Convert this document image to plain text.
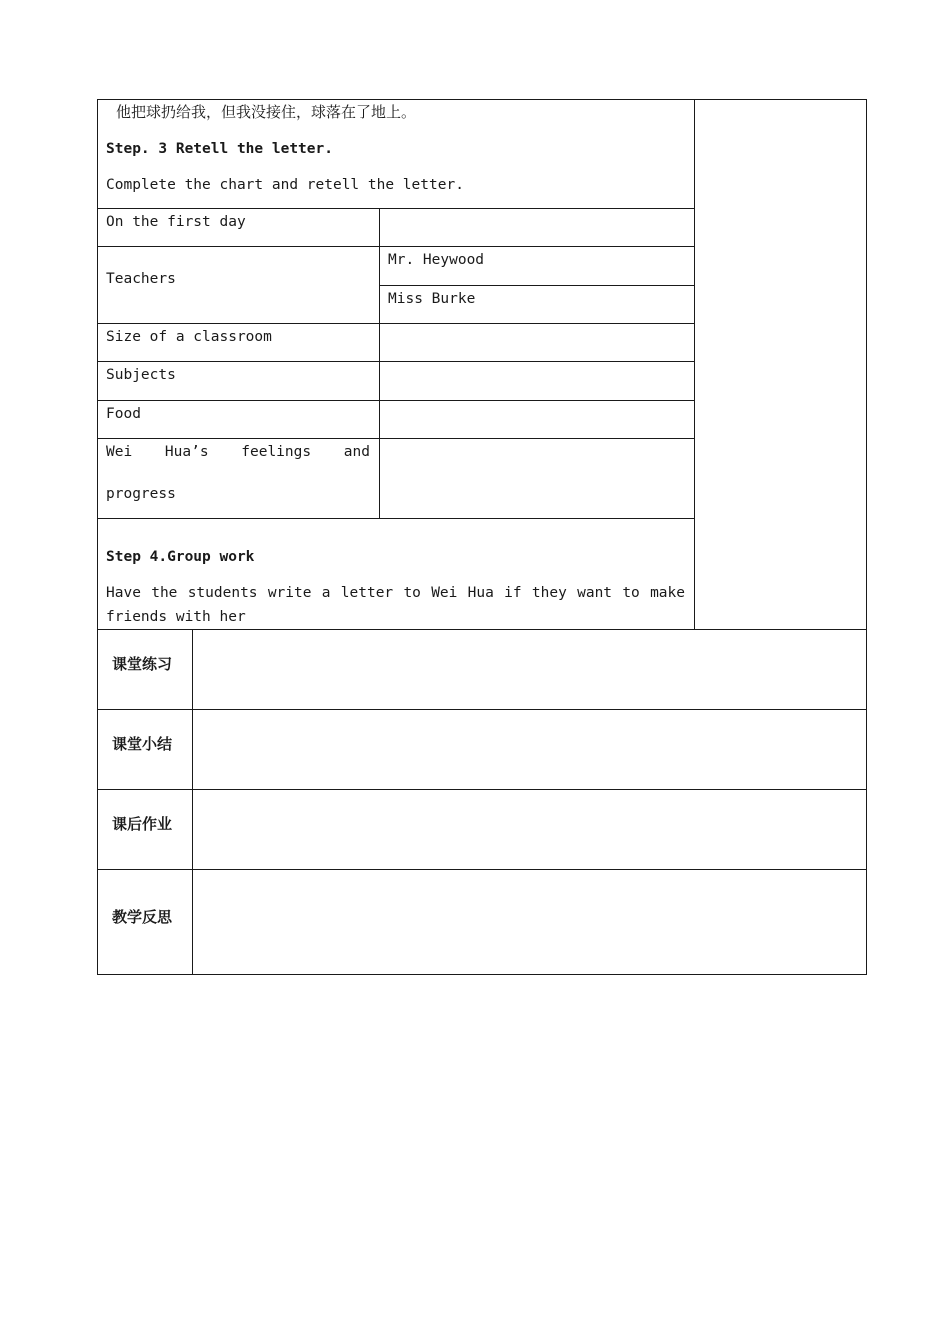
他把球扔给我，但我没接住，球落在了地上。
Step. 3 Retell the letter.
Complete the chart and retell the letter.
On the first day
Teachers
Mr. Heywood
Miss Burke
Size of a classroom
Subjects
Food
Wei Hua’s feelings and
progress
Step 4.Group work
Have the students write a letter to Wei Hua if they want to make
friends with her
课堂练习
课堂小结
课后作业
教学反思
